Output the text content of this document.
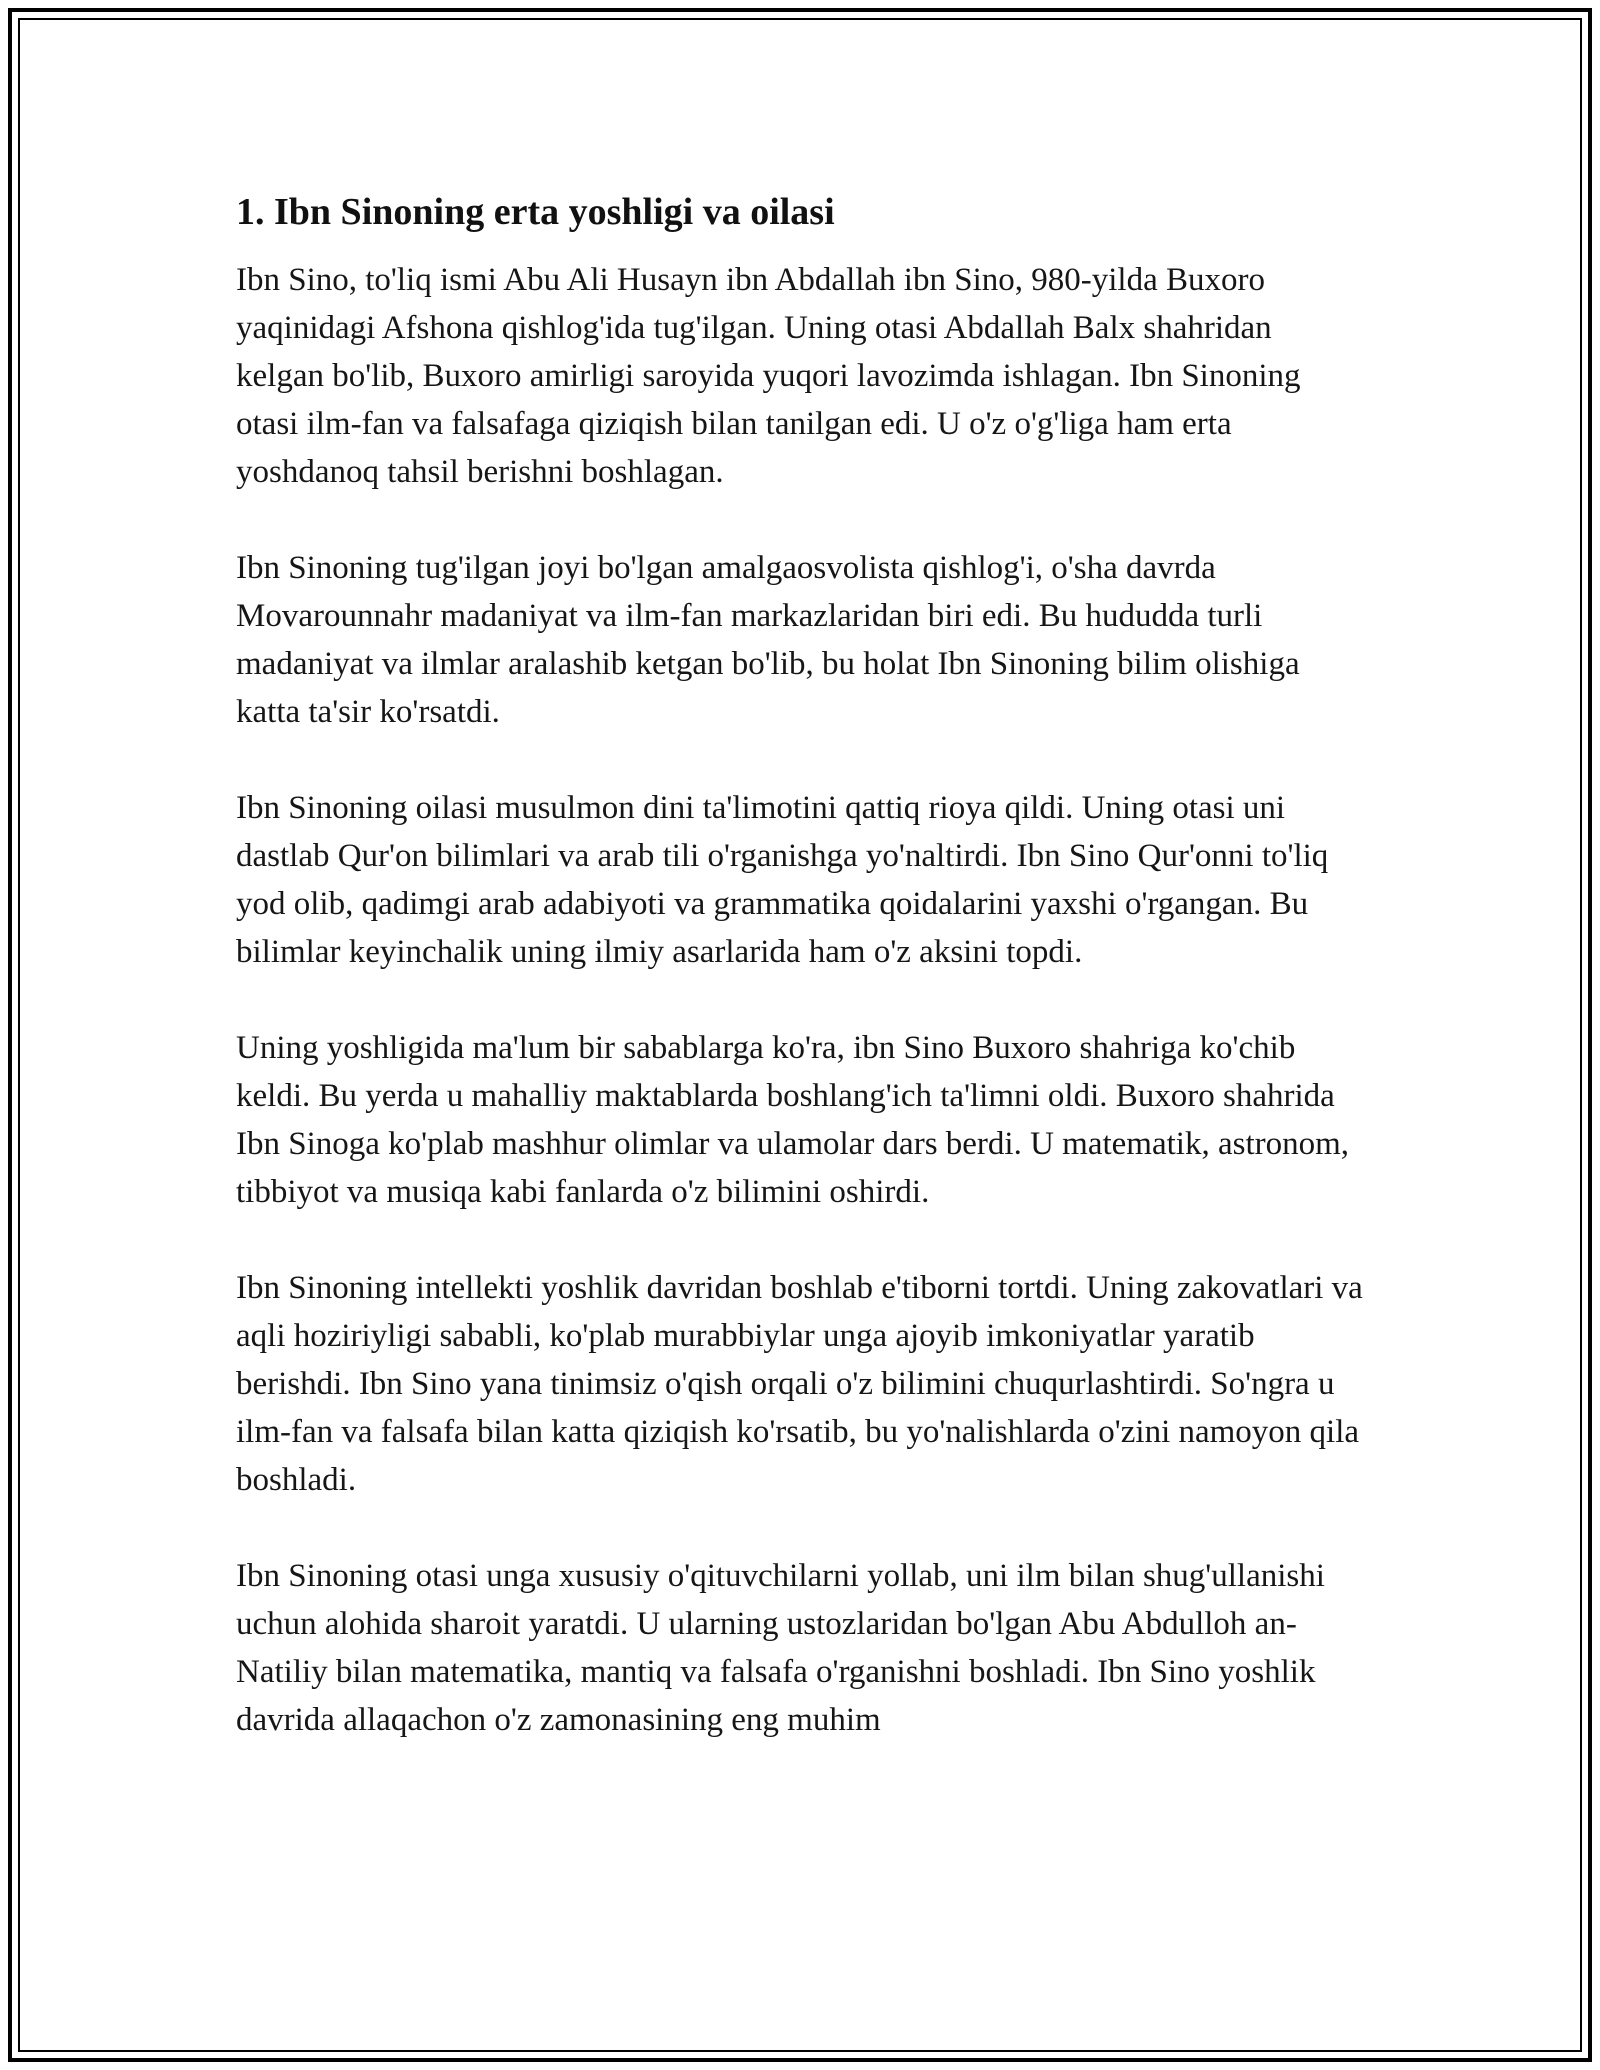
1. Ibn Sinoning erta yoshligi va oilasi

Ibn Sino, to'liq ismi Abu Ali Husayn ibn Abdallah ibn Sino, 980-yilda Buxoro yaqinidagi Afshona qishlog'ida tug'ilgan. Uning otasi Abdallah Balx shahridan kelgan bo'lib, Buxoro amirligi saroyida yuqori lavozimda ishlagan. Ibn Sinoning otasi ilm-fan va falsafaga qiziqish bilan tanilgan edi. U o'z o'g'liga ham erta yoshdanoq tahsil berishni boshlagan.

Ibn Sinoning tug'ilgan joyi bo'lgan amalgaosvolista qishlog'i, o'sha davrda Movarounnahr madaniyat va ilm-fan markazlaridan biri edi. Bu hududda turli madaniyat va ilmlar aralashib ketgan bo'lib, bu holat Ibn Sinoning bilim olishiga katta ta'sir ko'rsatdi.

Ibn Sinoning oilasi musulmon dini ta'limotini qattiq rioya qildi. Uning otasi uni dastlab Qur'on bilimlari va arab tili o'rganishga yo'naltirdi. Ibn Sino Qur'onni to'liq yod olib, qadimgi arab adabiyoti va grammatika qoidalarini yaxshi o'rgangan. Bu bilimlar keyinchalik uning ilmiy asarlarida ham o'z aksini topdi.

Uning yoshligida ma'lum bir sabablarga ko'ra, ibn Sino Buxoro shahriga ko'chib keldi. Bu yerda u mahalliy maktablarda boshlang'ich ta'limni oldi. Buxoro shahrida Ibn Sinoga ko'plab mashhur olimlar va ulamolar dars berdi. U matematik, astronom, tibbiyot va musiqa kabi fanlarda o'z bilimini oshirdi.

Ibn Sinoning intellekti yoshlik davridan boshlab e'tiborni tortdi. Uning zakovatlari va aqli hoziriyligi sababli, ko'plab murabbiylar unga ajoyib imkoniyatlar yaratib berishdi. Ibn Sino yana tinimsiz o'qish orqali o'z bilimini chuqurlashtirdi. So'ngra u ilm-fan va falsafa bilan katta qiziqish ko'rsatib, bu yo'nalishlarda o'zini namoyon qila boshladi.

Ibn Sinoning otasi unga xususiy o'qituvchilarni yollab, uni ilm bilan shug'ullanishi uchun alohida sharoit yaratdi. U ularning ustozlaridan bo'lgan Abu Abdulloh an-Natiliy bilan matematika, mantiq va falsafa o'rganishni boshladi. Ibn Sino yoshlik davrida allaqachon o'z zamonasining eng muhim
